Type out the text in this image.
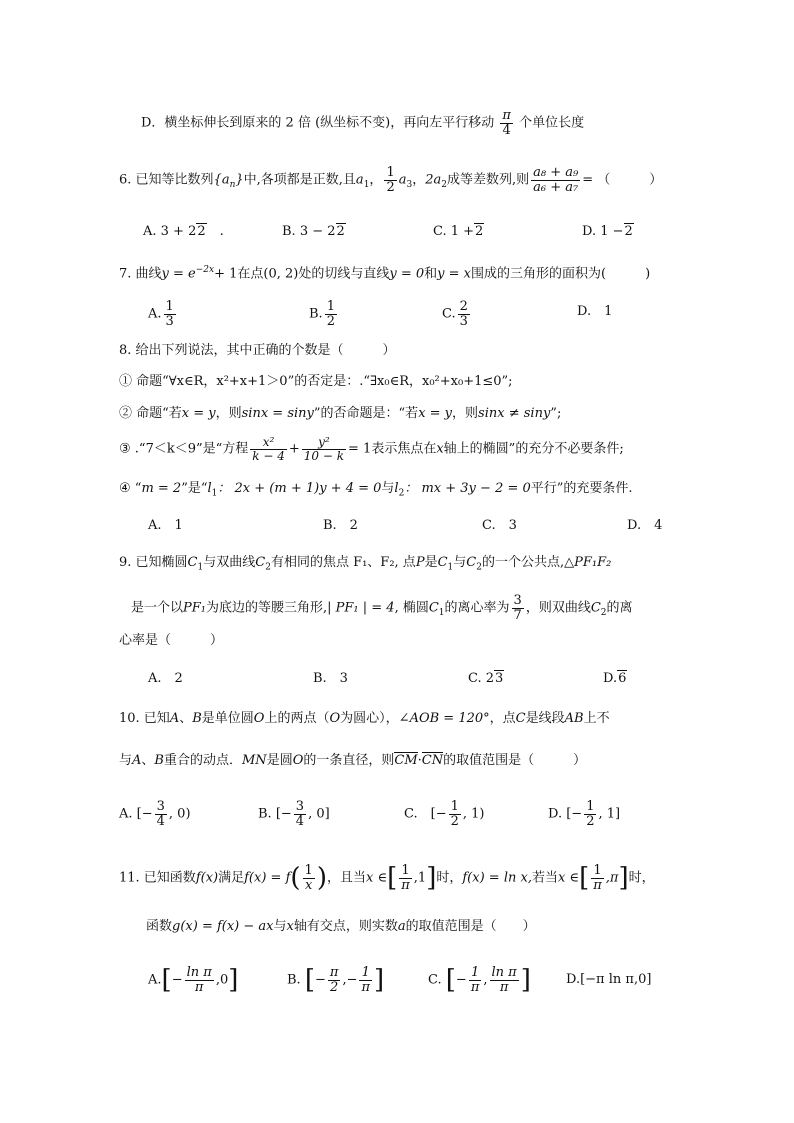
D．横坐标伸长到原来的 2 倍 (纵坐标不变)，再向左平行移动 $\frac{\pi}{4}$ 个单位长度
6. 已知等比数列$\{a_n\}$中,各项都是正数,且$a_1$， $\frac{1}{2} a_3$，$2a_2$成等差数列,则 $\frac{\text{a₈ + a₉}}{\text{a₆ + a₇}}$ = （　　　）
A. 3 + 22　.	B. 3 − 22	C. 1 +2	D. 1 −2
7. 曲线$y = e^{-2x}+ 1$在点(0, 2)处的切线与直线y = 0和y = x围成的三角形的面积为(　　　)
A. $\frac{1}{3}$	B. $\frac{1}{2}$	C. $\frac{2}{3}$	D.　1
8. 给出下列说法，其中正确的个数是（　　　）
① 命题“∀x∈R，x²+x+1＞0”的否定是：.“∃x₀∈R，x₀²+x₀+1≤0”;
② 命题“若x = y，则sinx = siny”的否命题是：“若x = y，则sinx ≠ siny”;
③ .“7＜k＜9”是“方程 $\frac{\text{x²}}{k - 4} + \frac{\text{y²}}{10 - k} = 1$表示焦点在x轴上的椭圆”的充分不必要条件;
④ “m = 2”是“$l_1$： 2x + (m + 1)y + 4 = 0与$l_2$： mx + 3y − 2 = 0平行”的充要条件.
A.　1	B.　2	C.　3	D.　4
9. 已知椭圆$C_1$与双曲线$C_2$有相同的焦点 F₁、F₂, 点P是$C_1$与$C_2$的一个公共点,△PF₁F₂
是一个以PF₁为底边的等腰三角形,| PF₁ | = 4, 椭圆$C_1$的离心率为 $\frac{3}{7}$ ，则双曲线$C_2$的离
心率是（　　　）
A.　2	B.　3	C. 23	D.6
10. 已知A、B是单位圆O上的两点（O为圆心），∠AOB = 120°，点C是线段AB上不
与A、B重合的动点．MN是圆O的一条直径，则CM·CN的取值范围是（　　　）
A. [− $\frac{3}{4}$ , 0)	B. [− $\frac{3}{4}$ , 0]	C.　 [− $\frac{1}{2}$ , 1)	D. [− $\frac{1}{2}$ , 1]
11. 已知函数f(x)满足$f(x) = f( \frac{1}{x}$ )，且当x ∈[ $\frac{1}{\pi} ,1$]时，f(x) = ln x,若当x ∈[ $\frac{1}{\pi} ,\pi$]时，
函数g(x) = f(x) − ax与x轴有交点，则实数a的取值范围是（　　）
$A.[- \frac{\text{ln π}}{\pi} ,0]$	B. [− $\frac{\pi}{2}$ ,− $\frac{1}{\pi}$ ]	C. [− $\frac{1}{\pi}$ , $\frac{\text{ln π}}{\pi}$ ]	D.[−π ln π,0]
